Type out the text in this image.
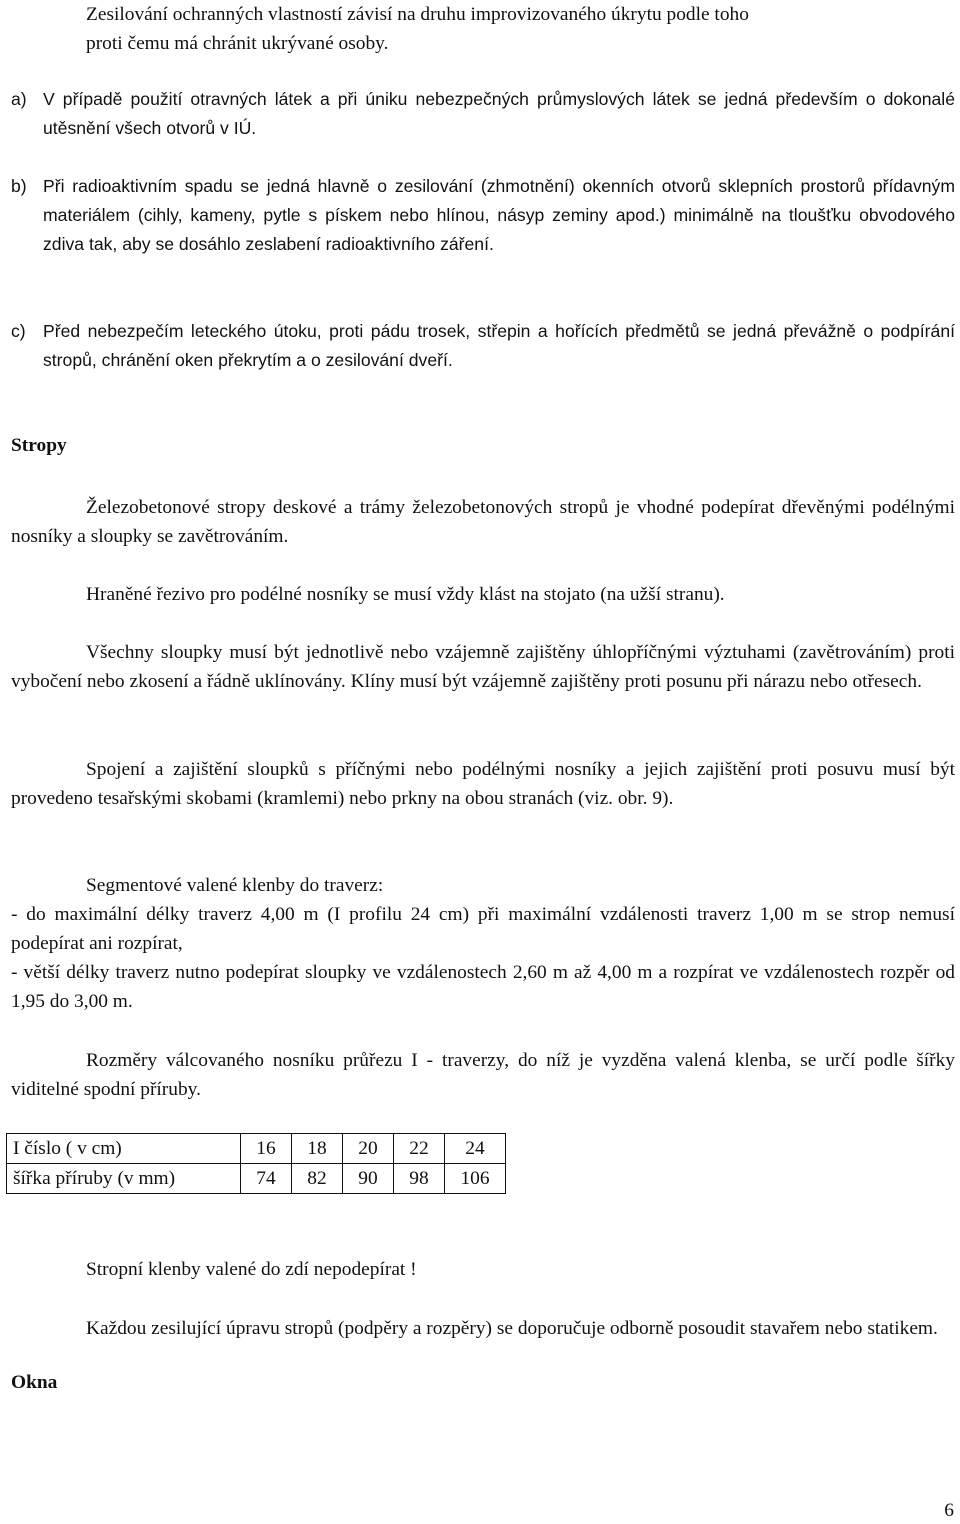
Zesilování ochranných vlastností závisí na druhu improvizovaného úkrytu podle toho

proti čemu má chránit ukrývané osoby.

a) V případě použití otravných látek a při úniku nebezpečných průmyslových látek se jedná především o dokonalé utěsnění všech otvorů v IÚ.
b) Při radioaktivním spadu se jedná hlavně o zesilování (zhmotnění) okenních otvorů sklepních prostorů přídavným materiálem (cihly, kameny, pytle s pískem nebo hlínou, násyp zeminy apod.) minimálně na tloušťku obvodového zdiva tak, aby se dosáhlo zeslabení radioaktivního záření.
c) Před nebezpečím leteckého útoku, proti pádu trosek, střepin a hořících předmětů se jedná převážně o podpírání stropů, chránění oken překrytím a o zesilování dveří.
Stropy

Železobetonové stropy deskové a trámy železobetonových stropů je vhodné podepírat dřevěnými podélnými nosníky a sloupky se zavětrováním.

Hraněné řezivo pro podélné nosníky se musí vždy klást na stojato (na užší stranu).

Všechny sloupky musí být jednotlivě nebo vzájemně zajištěny úhlopříčnými výztuhami (zavětrováním) proti vybočení nebo zkosení a řádně uklínovány. Klíny musí být vzájemně zajištěny proti posunu při nárazu nebo otřesech.

Spojení a zajištění sloupků s příčnými nebo podélnými nosníky a jejich zajištění proti posuvu musí být provedeno tesařskými skobami (kramlemi) nebo prkny na obou stranách (viz. obr. 9).

Segmentové valené klenby do traverz:

- do maximální délky traverz 4,00 m (I profilu 24 cm) při maximální vzdálenosti traverz 1,00 m se strop nemusí podepírat ani rozpírat,

- větší délky traverz nutno podepírat sloupky ve vzdálenostech 2,60 m až 4,00 m a rozpírat ve vzdálenostech rozpěr od 1,95 do 3,00 m.

Rozměry válcovaného nosníku průřezu I - traverzy, do níž je vyzděna valená klenba, se určí podle šířky viditelné spodní příruby.

I číslo ( v cm)	16	18	20	22	24
šířka příruby (v mm)	74	82	90	98	106

Stropní klenby valené do zdí nepodepírat !

Každou zesilující úpravu stropů (podpěry a rozpěry) se doporučuje odborně posoudit stavařem nebo statikem.

Okna
6
